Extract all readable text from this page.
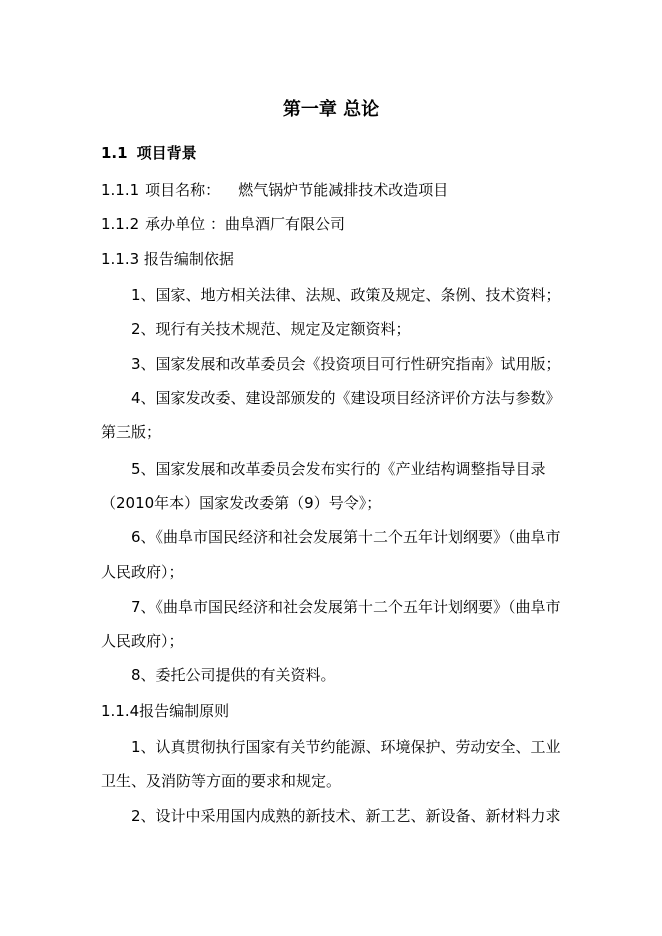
第一章 总论
1.1 项目背景
1.1.1 项目名称： 燃气锅炉节能减排技术改造项目
1.1.2 承办单位 ：曲阜酒厂有限公司
1.1.3 报告编制依据
1、国家、地方相关法律、法规、政策及规定、条例、技术资料；
2、现行有关技术规范、规定及定额资料；
3、国家发展和改革委员会《投资项目可行性研究指南》试用版；
4、国家发改委、建设部颁发的《建设项目经济评价方法与参数》
第三版；
5、国家发展和改革委员会发布实行的《产业结构调整指导目录
（2010年本）国家发改委第（9）号令》；
6、《曲阜市国民经济和社会发展第十二个五年计划纲要》（曲阜市
人民政府）；
7、《曲阜市国民经济和社会发展第十二个五年计划纲要》（曲阜市
人民政府）；
8、委托公司提供的有关资料。
1.1.4报告编制原则
1、认真贯彻执行国家有关节约能源、环境保护、劳动安全、工业
卫生、及消防等方面的要求和规定。
2、设计中采用国内成熟的新技术、新工艺、新设备、新材料力求
